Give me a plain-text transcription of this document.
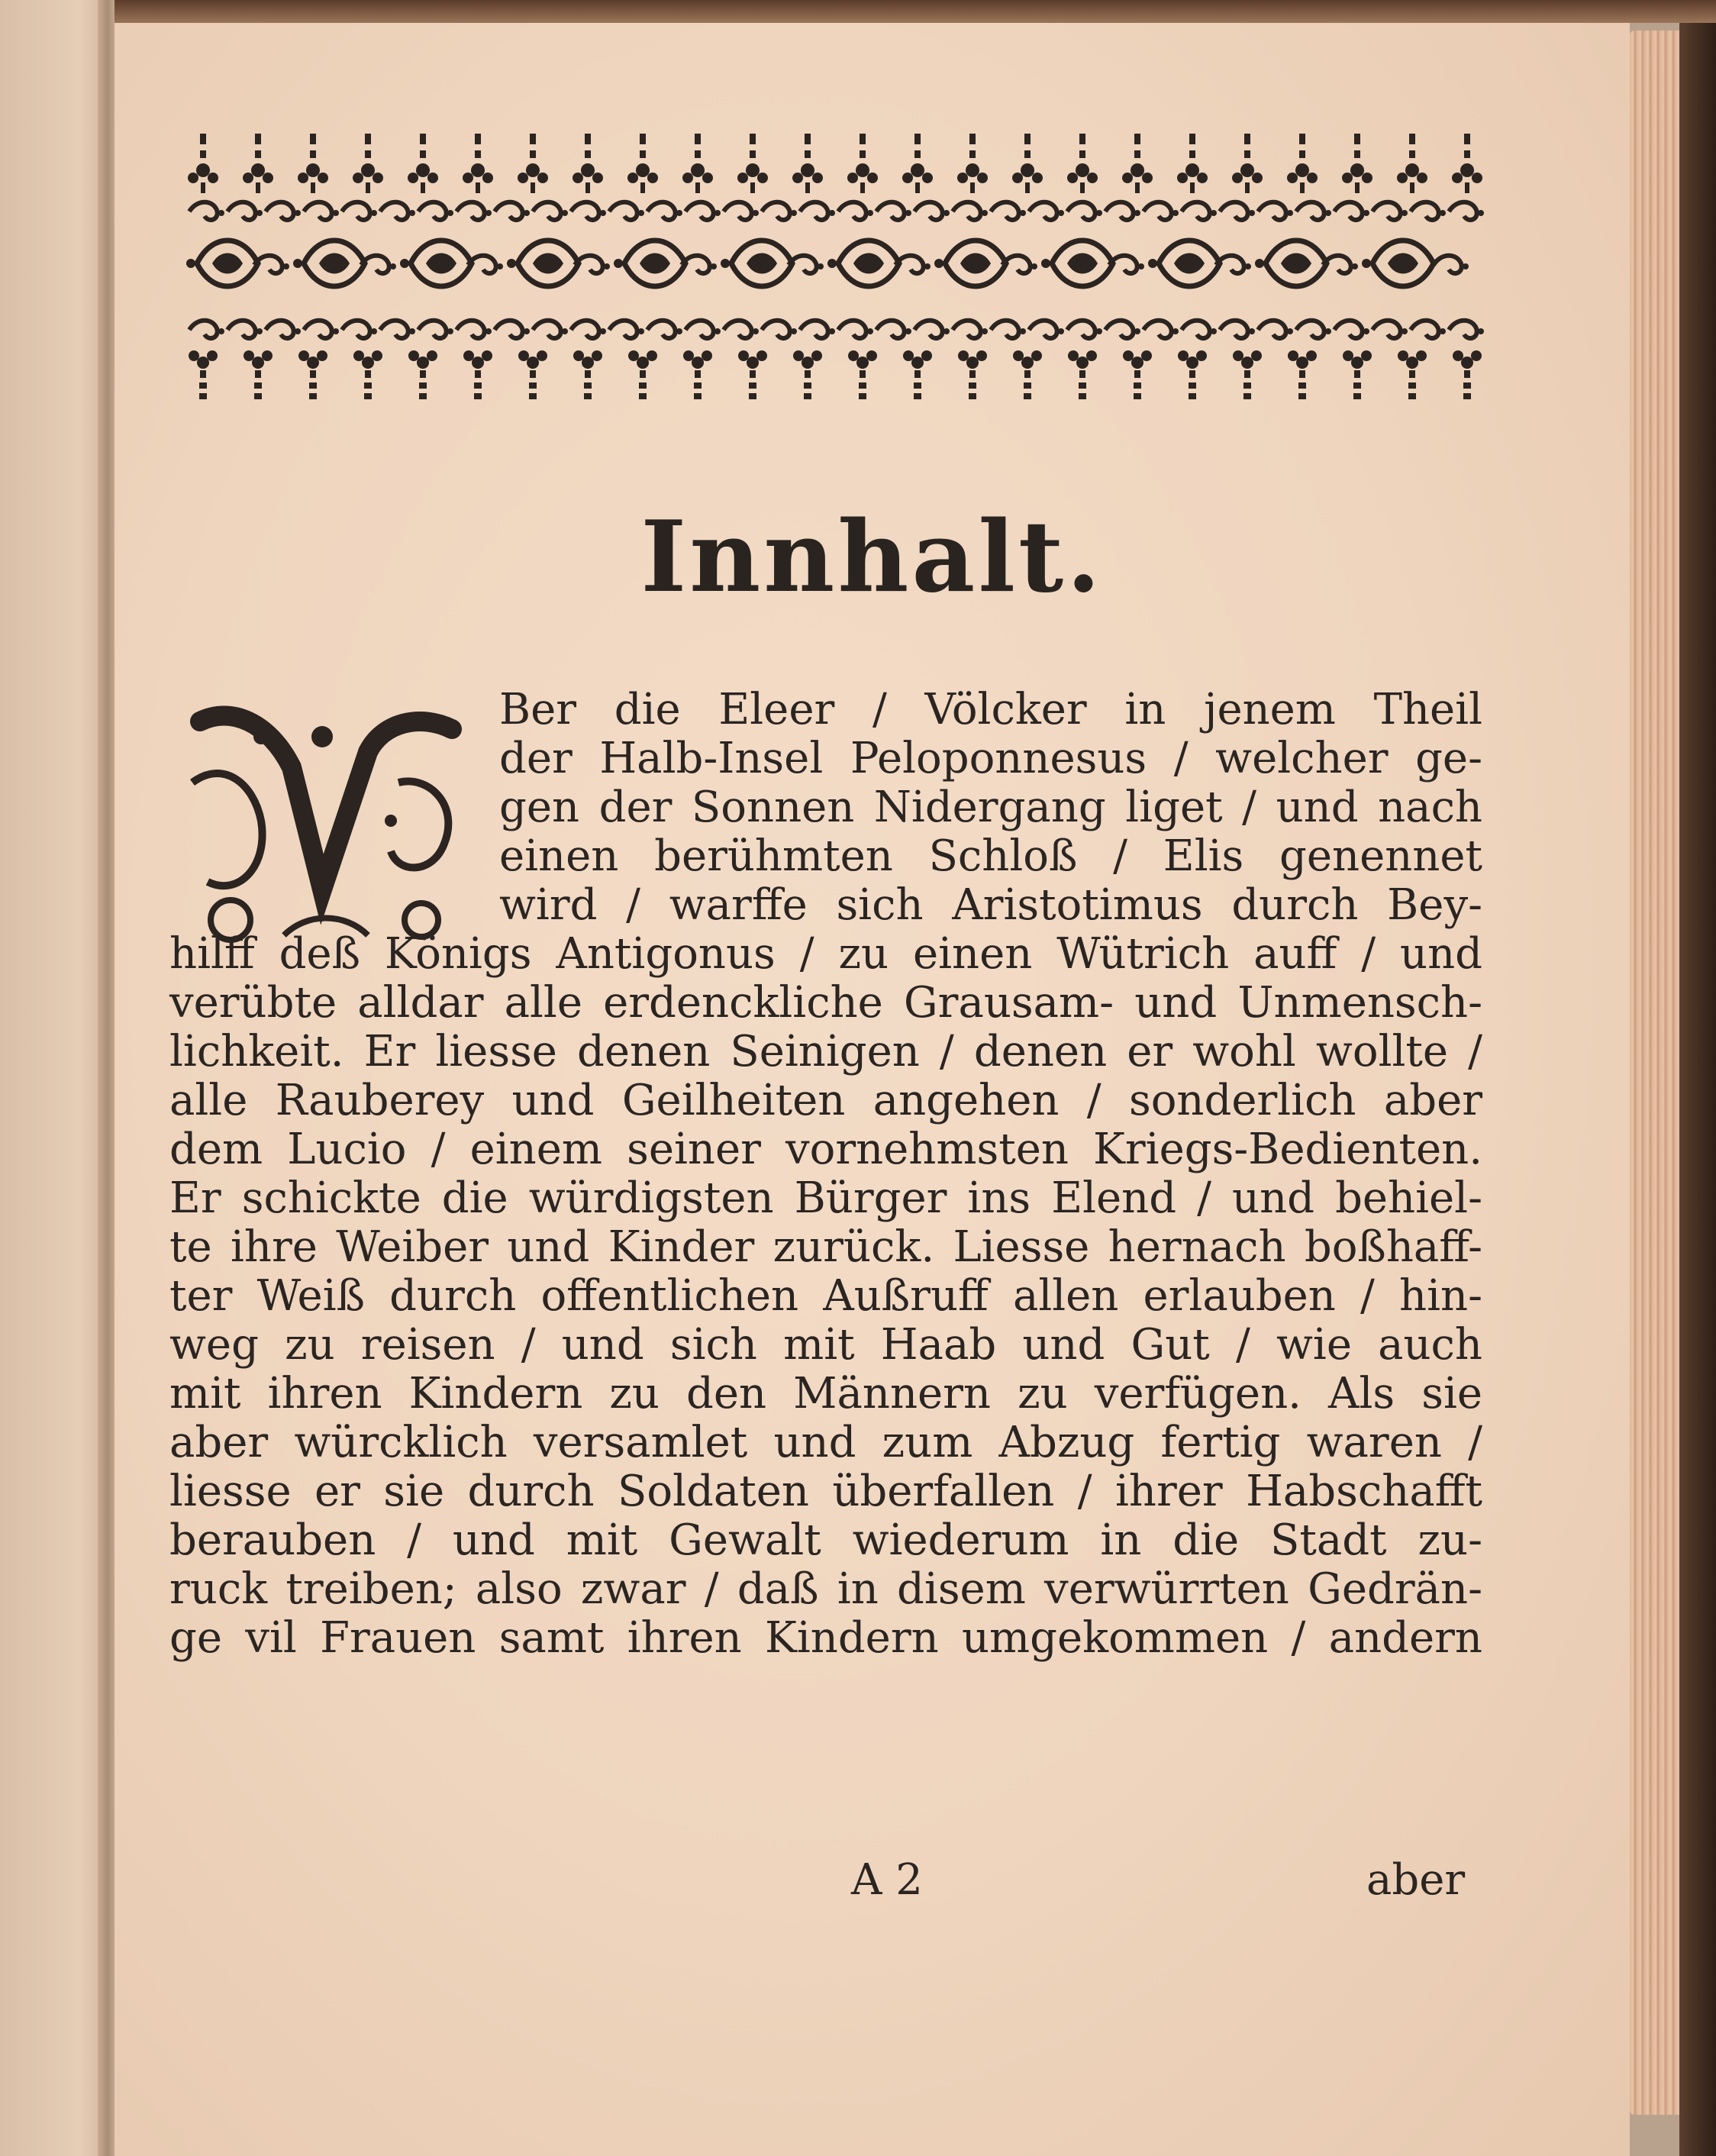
Innhalt.
Ber die Eleer / Völcker in jenem Theil
der Halb-Insel Peloponnesus / welcher ge-
gen der Sonnen Nidergang liget / und nach
einen berühmten Schloß / Elis genennet
wird / warffe sich Aristotimus durch Bey-
hilff deß Königs Antigonus / zu einen Wütrich auff / und
verübte alldar alle erdenckliche Grausam- und Unmensch-
lichkeit. Er liesse denen Seinigen / denen er wohl wollte /
alle Rauberey und Geilheiten angehen / sonderlich aber
dem Lucio / einem seiner vornehmsten Kriegs-Bedienten.
Er schickte die würdigsten Bürger ins Elend / und behiel-
te ihre Weiber und Kinder zurück. Liesse hernach boßhaff-
ter Weiß durch offentlichen Außruff allen erlauben / hin-
weg zu reisen / und sich mit Haab und Gut / wie auch
mit ihren Kindern zu den Männern zu verfügen. Als sie
aber würcklich versamlet und zum Abzug fertig waren /
liesse er sie durch Soldaten überfallen / ihrer Habschafft
berauben / und mit Gewalt wiederum in die Stadt zu-
ruck treiben; also zwar / daß in disem verwürrten Gedrän-
ge vil Frauen samt ihren Kindern umgekommen / andern

A 2	aber
